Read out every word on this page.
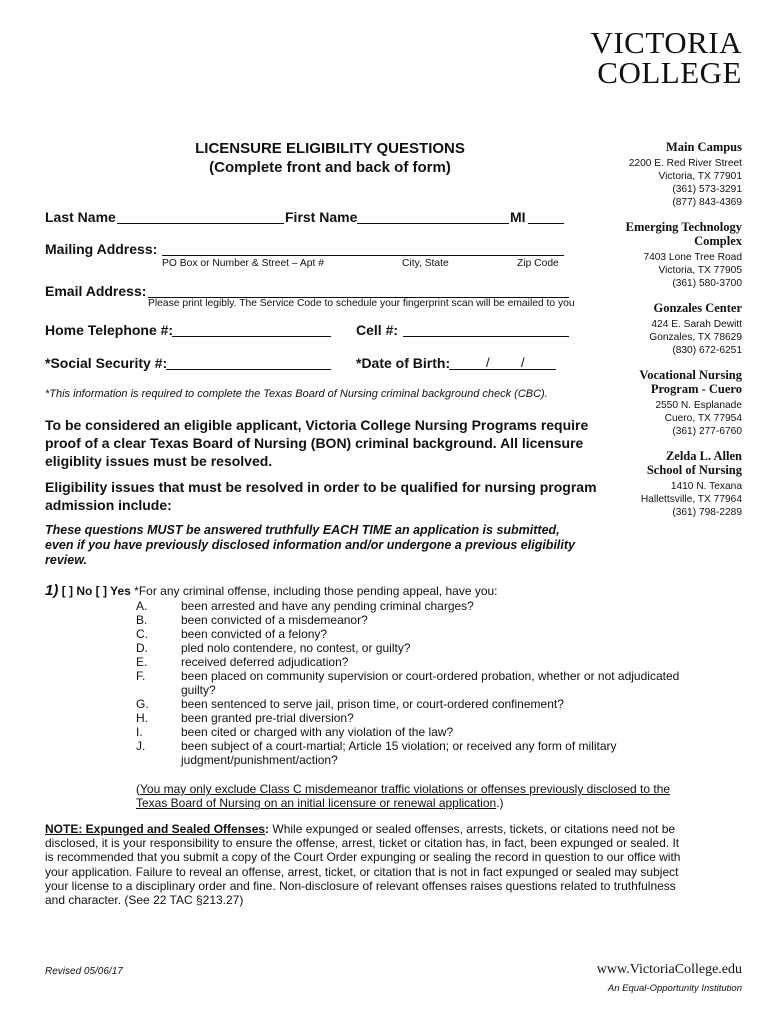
VICTORIA
COLLEGE
LICENSURE ELIGIBILITY QUESTIONS
(Complete front and back of form)
Main Campus
2200 E. Red River Street
Victoria, TX 77901
(361) 573-3291
(877) 843-4369
Emerging Technology Complex
7403 Lone Tree Road
Victoria, TX 77905
(361) 580-3700
Gonzales Center
424 E. Sarah Dewitt
Gonzales, TX 78629
(830) 672-6251
Vocational Nursing Program - Cuero
2550 N. Esplanade
Cuero, TX 77954
(361) 277-6760
Zelda L. Allen School of Nursing
1410 N. Texana
Hallettsville, TX 77964
(361) 798-2289
Last Name	First Name	MI
Mailing Address:
PO Box or Number & Street – Apt #	City, State	Zip Code
Email Address:
Please print legibly. The Service Code to schedule your fingerprint scan will be emailed to you
Home Telephone #:	Cell #:
*Social Security #:	*Date of Birth:	/ /
*This information is required to complete the Texas Board of Nursing criminal background check (CBC).
To be considered an eligible applicant, Victoria College Nursing Programs require proof of a clear Texas Board of Nursing (BON) criminal background. All licensure eligiblity issues must be resolved.
Eligibility issues that must be resolved in order to be qualified for nursing program admission include:
These questions MUST be answered truthfully EACH TIME an application is submitted, even if you have previously disclosed information and/or undergone a previous eligibility review.
1) [ ] No [ ] Yes *For any criminal offense, including those pending appeal, have you:
A.	been arrested and have any pending criminal charges?
B.	been convicted of a misdemeanor?
C.	been convicted of a felony?
D.	pled nolo contendere, no contest, or guilty?
E.	received deferred adjudication?
F.	been placed on community supervision or court-ordered probation, whether or not adjudicated guilty?
G.	been sentenced to serve jail, prison time, or court-ordered confinement?
H.	been granted pre-trial diversion?
I.	been cited or charged with any violation of the law?
J.	been subject of a court-martial; Article 15 violation; or received any form of military judgment/punishment/action?
(You may only exclude Class C misdemeanor traffic violations or offenses previously disclosed to the Texas Board of Nursing on an initial licensure or renewal application.)
NOTE: Expunged and Sealed Offenses: While expunged or sealed offenses, arrests, tickets, or citations need not be disclosed, it is your responsibility to ensure the offense, arrest, ticket or citation has, in fact, been expunged or sealed. It is recommended that you submit a copy of the Court Order expunging or sealing the record in question to our office with your application. Failure to reveal an offense, arrest, ticket, or citation that is not in fact expunged or sealed may subject your license to a disciplinary order and fine. Non-disclosure of relevant offenses raises questions related to truthfulness and character. (See 22 TAC §213.27)
Revised 05/06/17	www.VictoriaCollege.edu
An Equal-Opportunity Institution
